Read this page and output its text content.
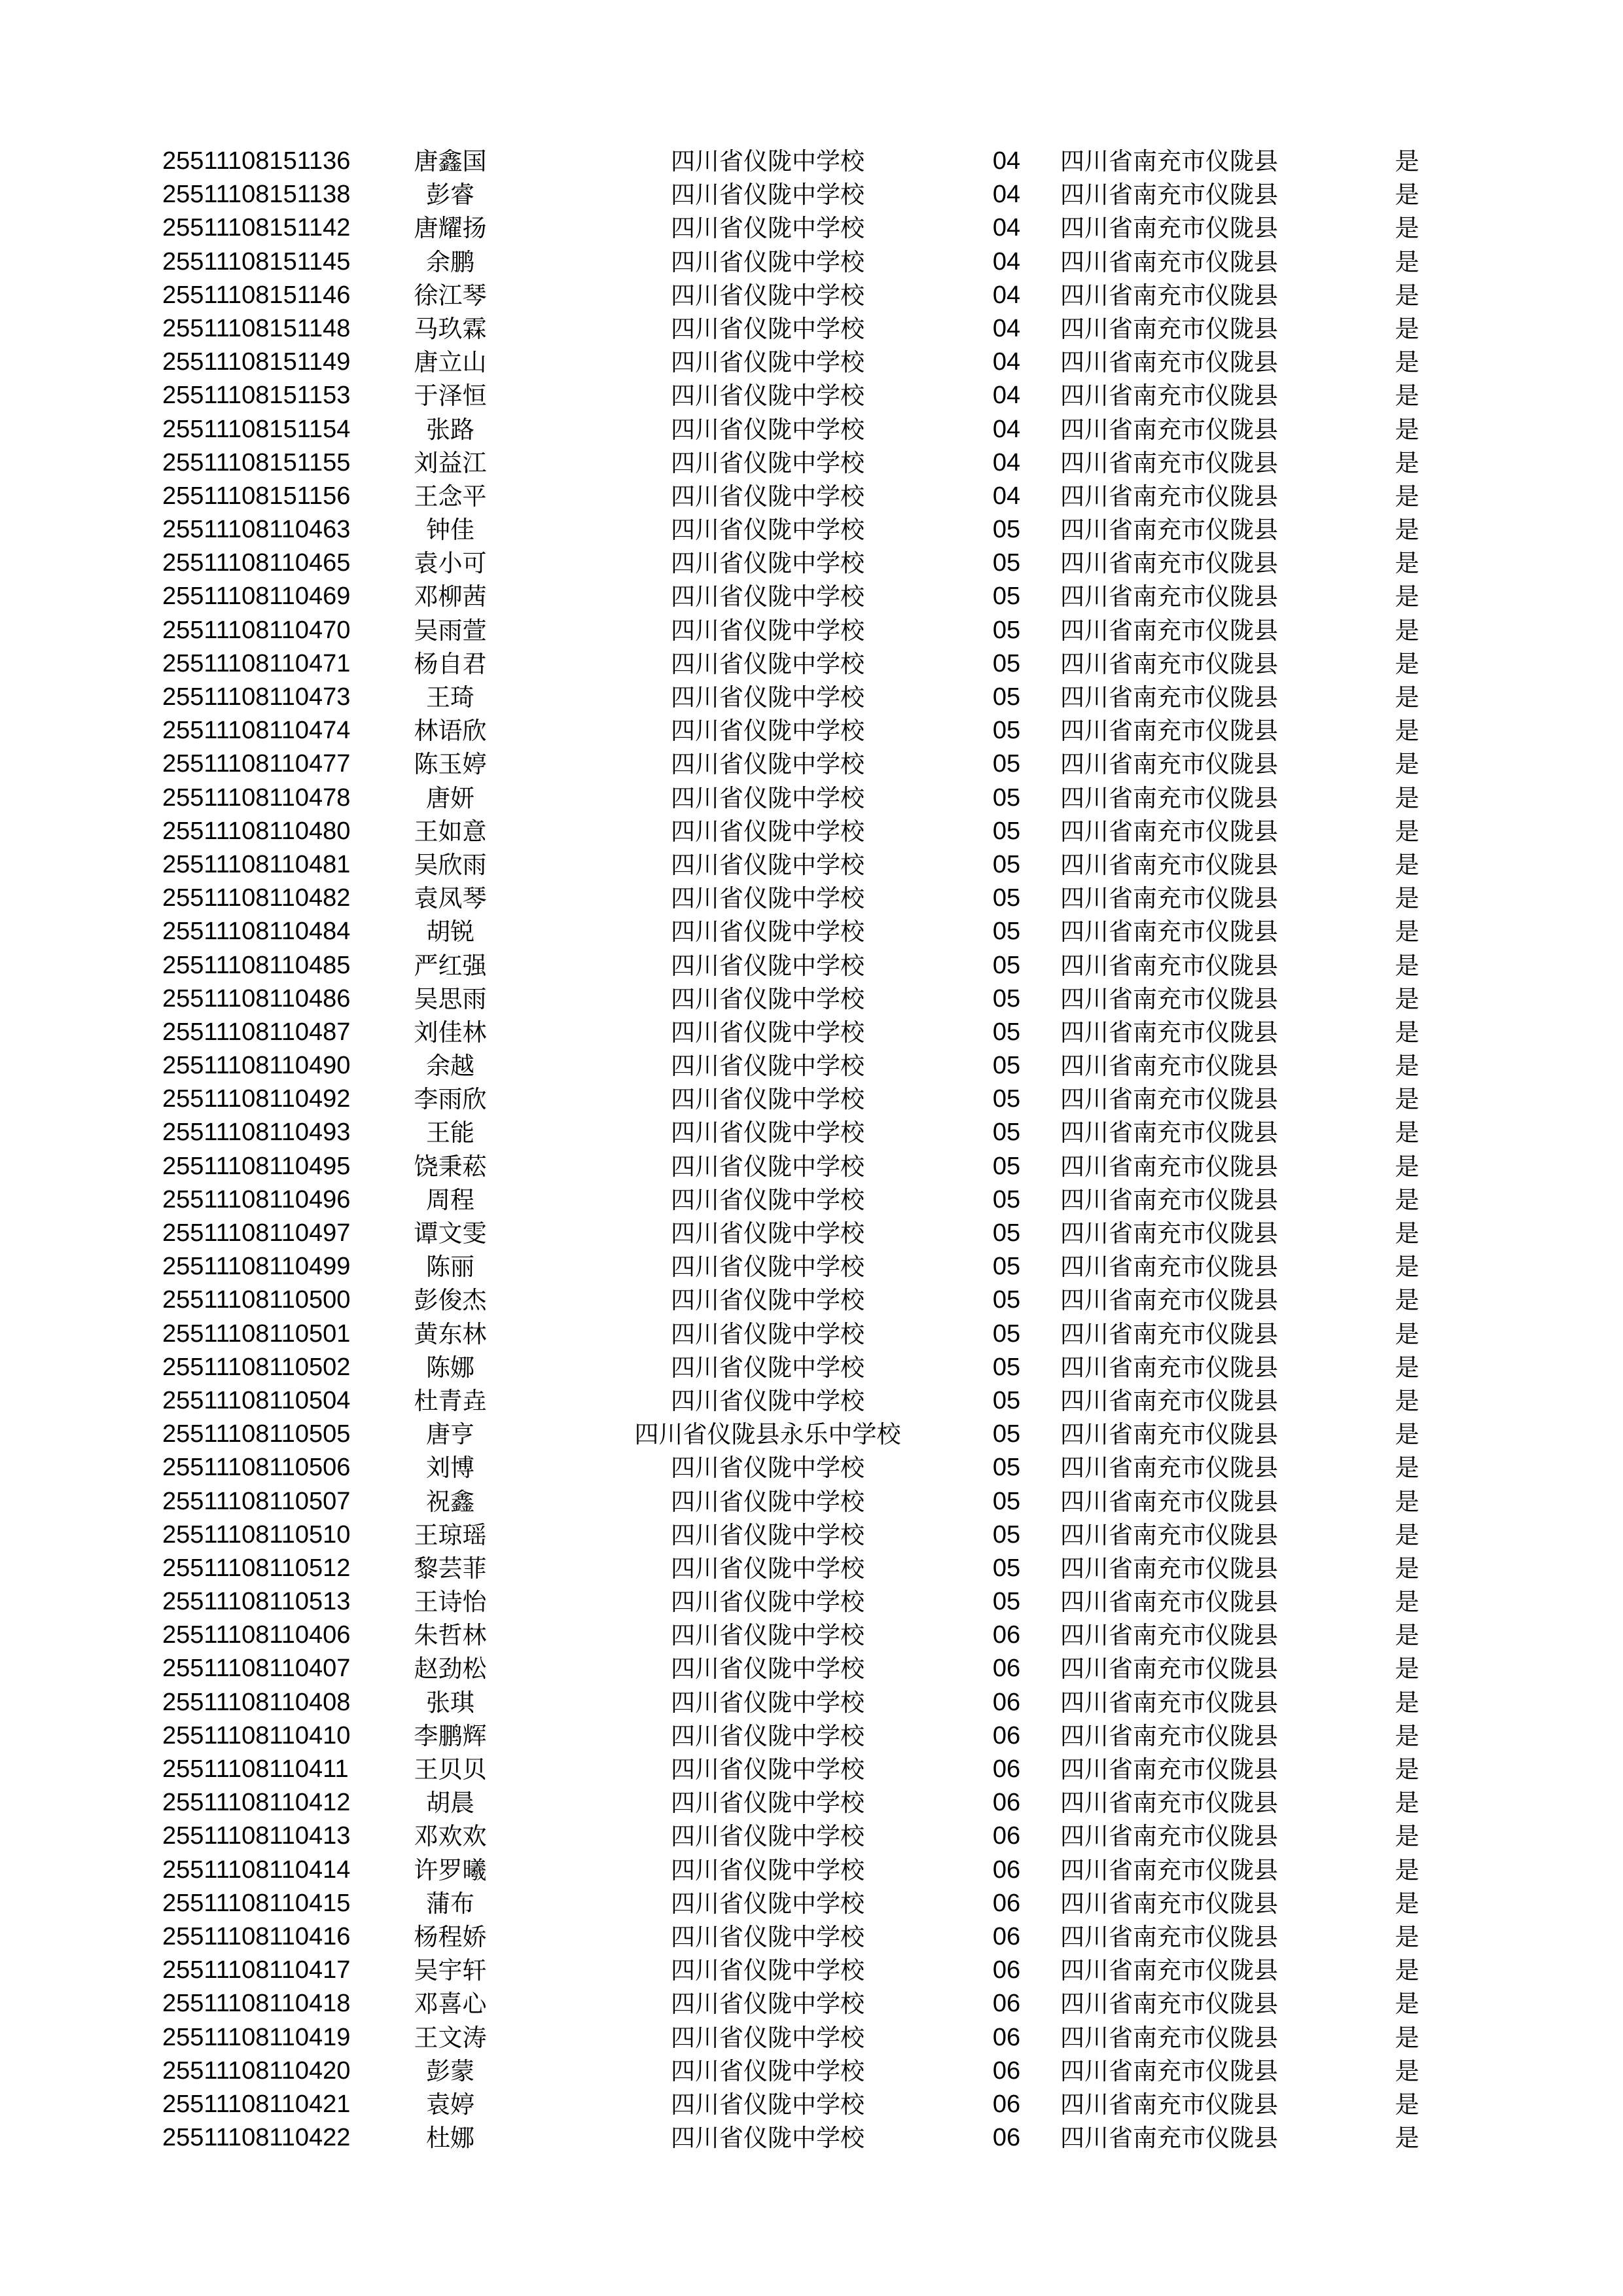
25511108151136	唐鑫国	四川省仪陇中学校	04	四川省南充市仪陇县	是
25511108151138	彭睿	四川省仪陇中学校	04	四川省南充市仪陇县	是
25511108151142	唐耀扬	四川省仪陇中学校	04	四川省南充市仪陇县	是
25511108151145	余鹏	四川省仪陇中学校	04	四川省南充市仪陇县	是
25511108151146	徐江琴	四川省仪陇中学校	04	四川省南充市仪陇县	是
25511108151148	马玖霖	四川省仪陇中学校	04	四川省南充市仪陇县	是
25511108151149	唐立山	四川省仪陇中学校	04	四川省南充市仪陇县	是
25511108151153	于泽恒	四川省仪陇中学校	04	四川省南充市仪陇县	是
25511108151154	张路	四川省仪陇中学校	04	四川省南充市仪陇县	是
25511108151155	刘益江	四川省仪陇中学校	04	四川省南充市仪陇县	是
25511108151156	王念平	四川省仪陇中学校	04	四川省南充市仪陇县	是
25511108110463	钟佳	四川省仪陇中学校	05	四川省南充市仪陇县	是
25511108110465	袁小可	四川省仪陇中学校	05	四川省南充市仪陇县	是
25511108110469	邓柳茜	四川省仪陇中学校	05	四川省南充市仪陇县	是
25511108110470	吴雨萱	四川省仪陇中学校	05	四川省南充市仪陇县	是
25511108110471	杨自君	四川省仪陇中学校	05	四川省南充市仪陇县	是
25511108110473	王琦	四川省仪陇中学校	05	四川省南充市仪陇县	是
25511108110474	林语欣	四川省仪陇中学校	05	四川省南充市仪陇县	是
25511108110477	陈玉婷	四川省仪陇中学校	05	四川省南充市仪陇县	是
25511108110478	唐妍	四川省仪陇中学校	05	四川省南充市仪陇县	是
25511108110480	王如意	四川省仪陇中学校	05	四川省南充市仪陇县	是
25511108110481	吴欣雨	四川省仪陇中学校	05	四川省南充市仪陇县	是
25511108110482	袁凤琴	四川省仪陇中学校	05	四川省南充市仪陇县	是
25511108110484	胡锐	四川省仪陇中学校	05	四川省南充市仪陇县	是
25511108110485	严红强	四川省仪陇中学校	05	四川省南充市仪陇县	是
25511108110486	吴思雨	四川省仪陇中学校	05	四川省南充市仪陇县	是
25511108110487	刘佳林	四川省仪陇中学校	05	四川省南充市仪陇县	是
25511108110490	余越	四川省仪陇中学校	05	四川省南充市仪陇县	是
25511108110492	李雨欣	四川省仪陇中学校	05	四川省南充市仪陇县	是
25511108110493	王能	四川省仪陇中学校	05	四川省南充市仪陇县	是
25511108110495	饶秉菘	四川省仪陇中学校	05	四川省南充市仪陇县	是
25511108110496	周程	四川省仪陇中学校	05	四川省南充市仪陇县	是
25511108110497	谭文雯	四川省仪陇中学校	05	四川省南充市仪陇县	是
25511108110499	陈丽	四川省仪陇中学校	05	四川省南充市仪陇县	是
25511108110500	彭俊杰	四川省仪陇中学校	05	四川省南充市仪陇县	是
25511108110501	黄东林	四川省仪陇中学校	05	四川省南充市仪陇县	是
25511108110502	陈娜	四川省仪陇中学校	05	四川省南充市仪陇县	是
25511108110504	杜青垚	四川省仪陇中学校	05	四川省南充市仪陇县	是
25511108110505	唐亨	四川省仪陇县永乐中学校	05	四川省南充市仪陇县	是
25511108110506	刘博	四川省仪陇中学校	05	四川省南充市仪陇县	是
25511108110507	祝鑫	四川省仪陇中学校	05	四川省南充市仪陇县	是
25511108110510	王琼瑶	四川省仪陇中学校	05	四川省南充市仪陇县	是
25511108110512	黎芸菲	四川省仪陇中学校	05	四川省南充市仪陇县	是
25511108110513	王诗怡	四川省仪陇中学校	05	四川省南充市仪陇县	是
25511108110406	朱哲林	四川省仪陇中学校	06	四川省南充市仪陇县	是
25511108110407	赵劲松	四川省仪陇中学校	06	四川省南充市仪陇县	是
25511108110408	张琪	四川省仪陇中学校	06	四川省南充市仪陇县	是
25511108110410	李鹏辉	四川省仪陇中学校	06	四川省南充市仪陇县	是
25511108110411	王贝贝	四川省仪陇中学校	06	四川省南充市仪陇县	是
25511108110412	胡晨	四川省仪陇中学校	06	四川省南充市仪陇县	是
25511108110413	邓欢欢	四川省仪陇中学校	06	四川省南充市仪陇县	是
25511108110414	许罗曦	四川省仪陇中学校	06	四川省南充市仪陇县	是
25511108110415	蒲布	四川省仪陇中学校	06	四川省南充市仪陇县	是
25511108110416	杨程娇	四川省仪陇中学校	06	四川省南充市仪陇县	是
25511108110417	吴宇轩	四川省仪陇中学校	06	四川省南充市仪陇县	是
25511108110418	邓喜心	四川省仪陇中学校	06	四川省南充市仪陇县	是
25511108110419	王文涛	四川省仪陇中学校	06	四川省南充市仪陇县	是
25511108110420	彭蒙	四川省仪陇中学校	06	四川省南充市仪陇县	是
25511108110421	袁婷	四川省仪陇中学校	06	四川省南充市仪陇县	是
25511108110422	杜娜	四川省仪陇中学校	06	四川省南充市仪陇县	是
